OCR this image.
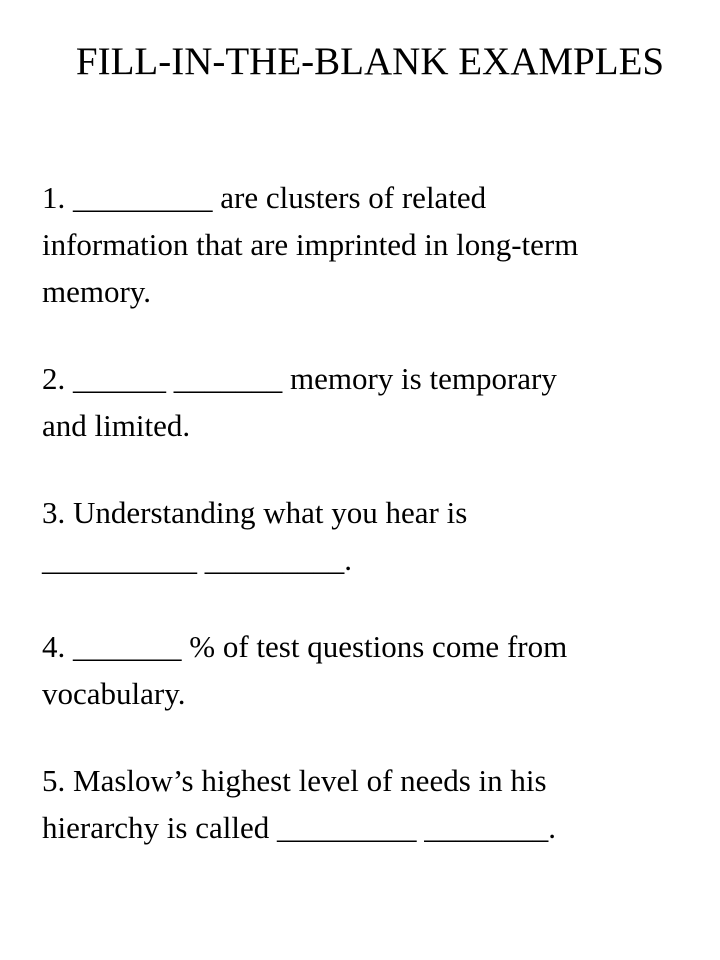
FILL-IN-THE-BLANK EXAMPLES
1. _________ are clusters of related
information that are imprinted in long-term
memory.
2. ______ _______ memory is temporary
and limited.
3. Understanding what you hear is
__________ _________.
4. _______ % of test questions come from
vocabulary.
5. Maslow’s highest level of needs in his
hierarchy is called _________ ________.
